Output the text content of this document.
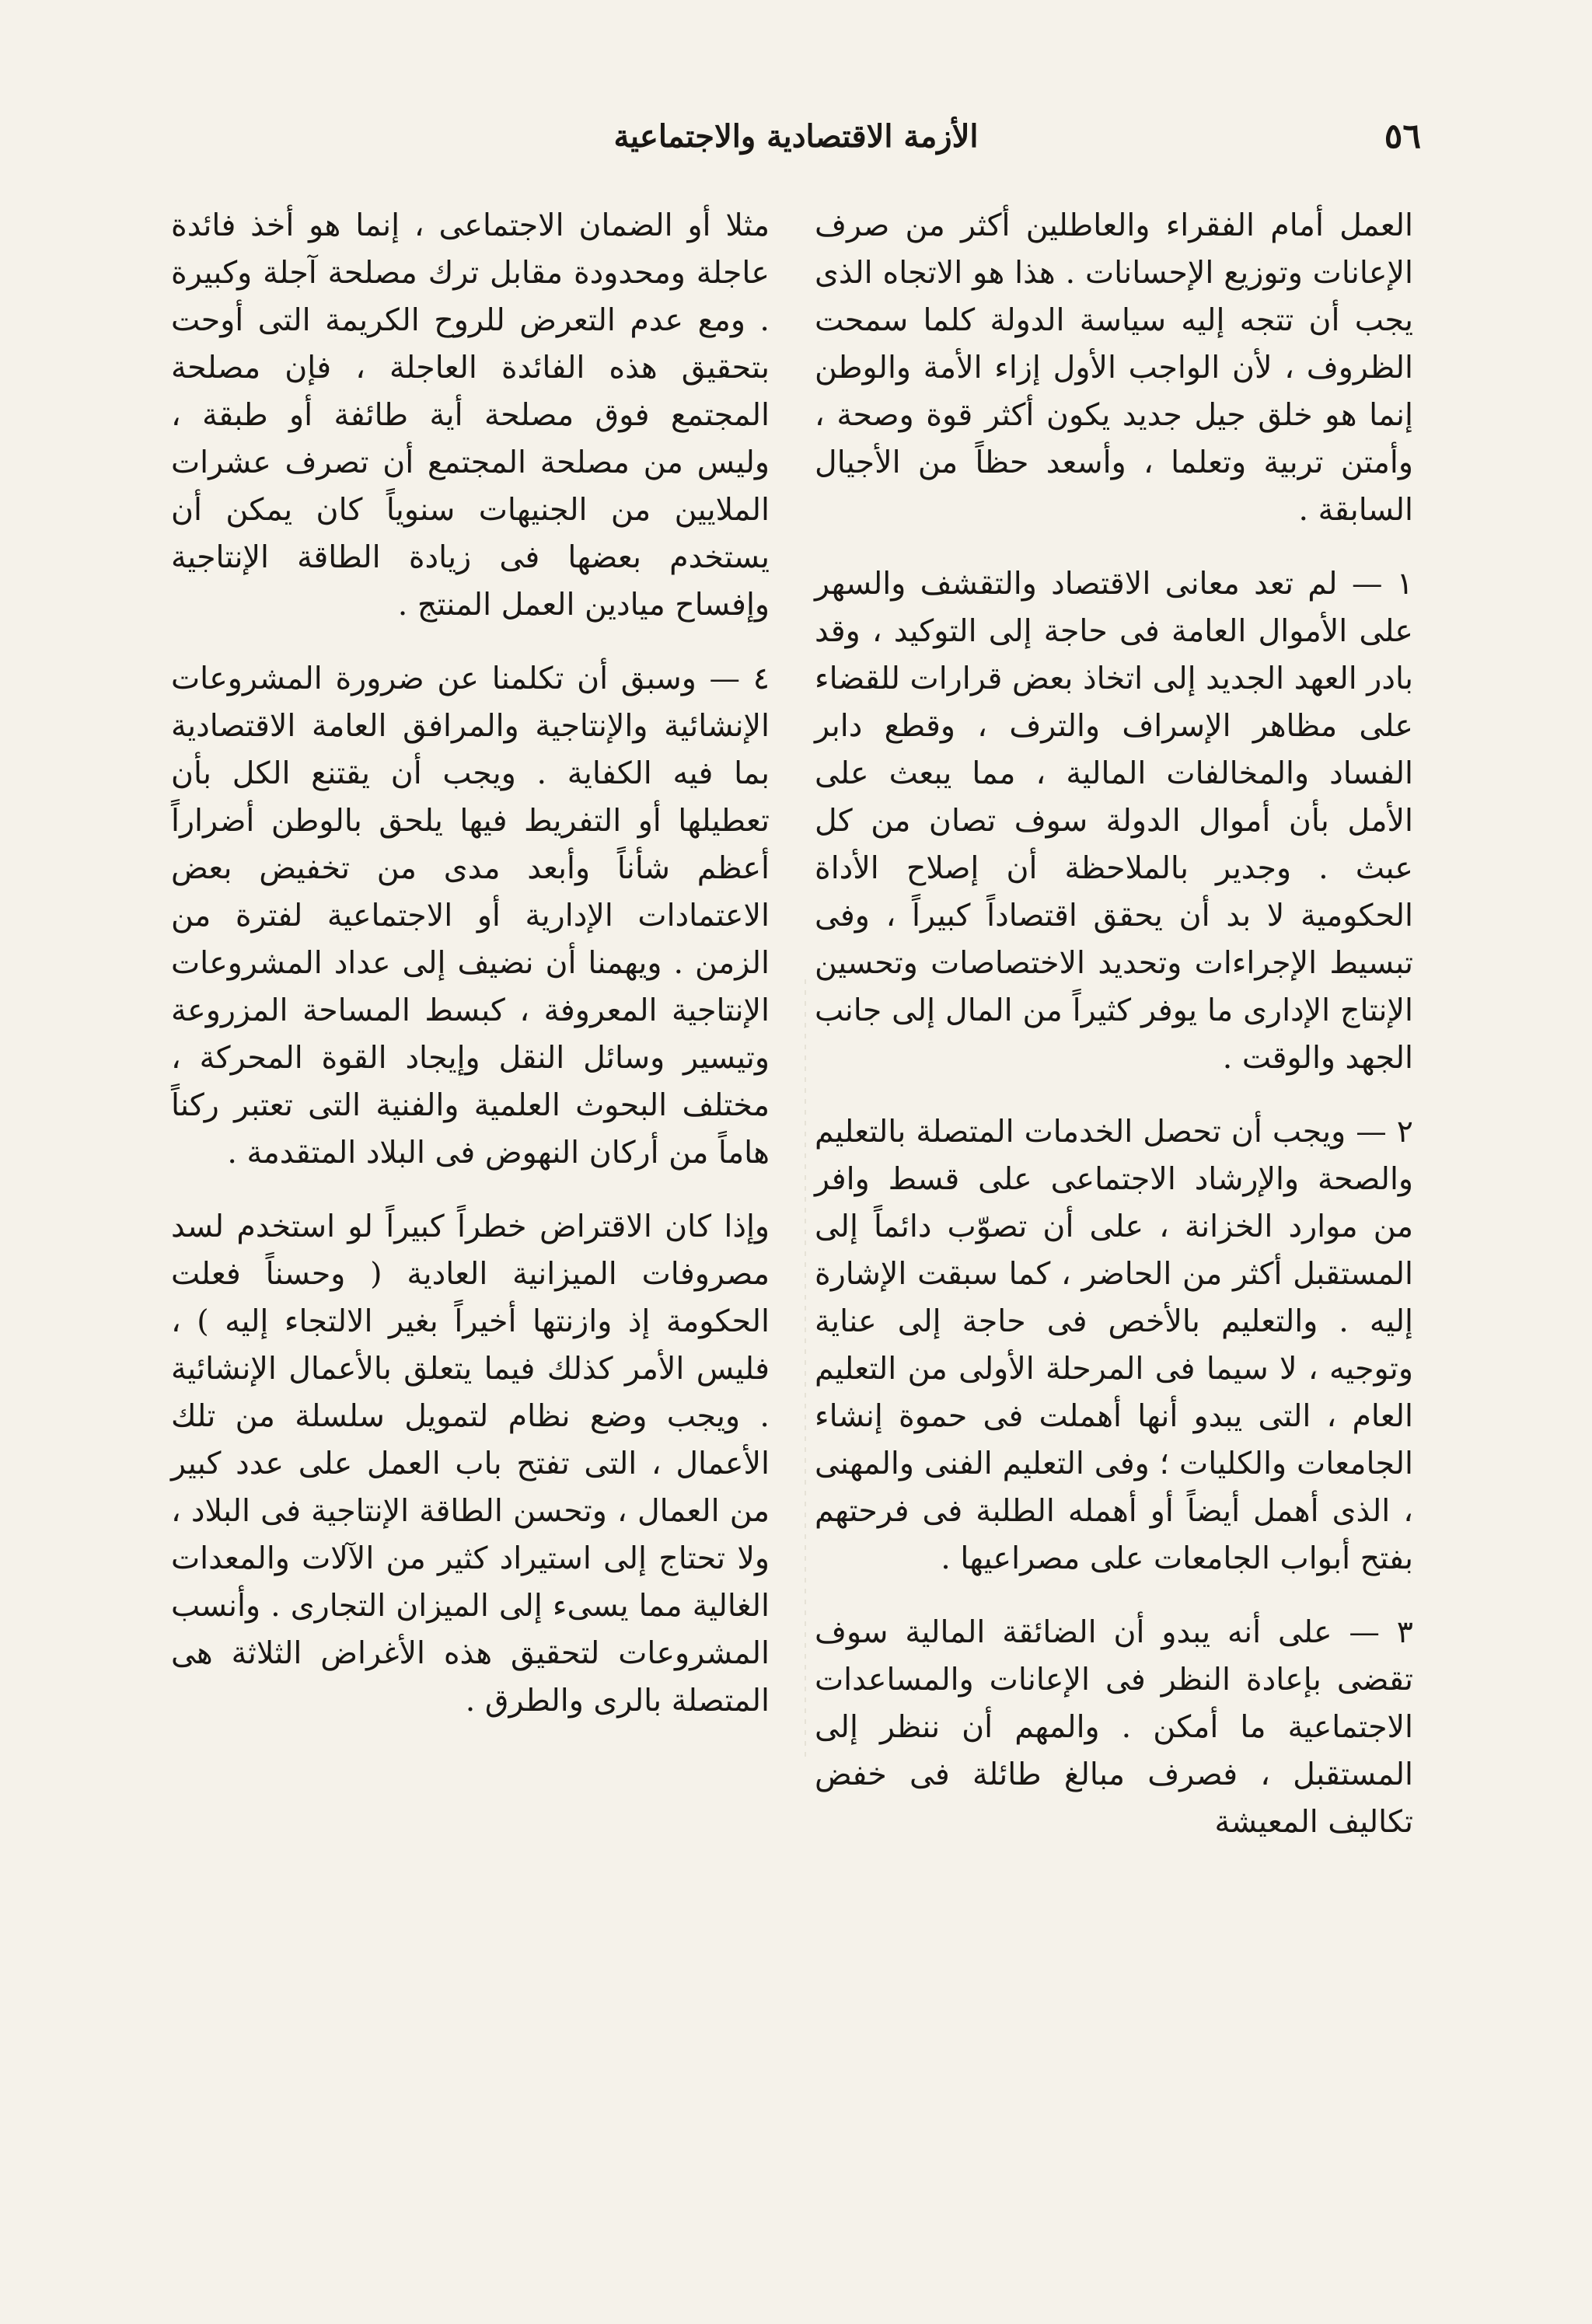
٥٦
الأزمة الاقتصادية والاجتماعية

العمل أمام الفقراء والعاطلين أكثر من صرف الإعانات وتوزيع الإحسانات . هذا هو الاتجاه الذى يجب أن تتجه إليه سياسة الدولة كلما سمحت الظروف ، لأن الواجب الأول إزاء الأمة والوطن إنما هو خلق جيل جديد يكون أكثر قوة وصحة ، وأمتن تربية وتعلما ، وأسعد حظاً من الأجيال السابقة .

١ — لم تعد معانى الاقتصاد والتقشف والسهر على الأموال العامة فى حاجة إلى التوكيد ، وقد بادر العهد الجديد إلى اتخاذ بعض قرارات للقضاء على مظاهر الإسراف والترف ، وقطع دابر الفساد والمخالفات المالية ، مما يبعث على الأمل بأن أموال الدولة سوف تصان من كل عبث . وجدير بالملاحظة أن إصلاح الأداة الحكومية لا بد أن يحقق اقتصاداً كبيراً ، وفى تبسيط الإجراءات وتحديد الاختصاصات وتحسين الإنتاج الإدارى ما يوفر كثيراً من المال إلى جانب الجهد والوقت .

٢ — ويجب أن تحصل الخدمات المتصلة بالتعليم والصحة والإرشاد الاجتماعى على قسط وافر من موارد الخزانة ، على أن تصوّب دائماً إلى المستقبل أكثر من الحاضر ، كما سبقت الإشارة إليه . والتعليم بالأخص فى حاجة إلى عناية وتوجيه ، لا سيما فى المرحلة الأولى من التعليم العام ، التى يبدو أنها أهملت فى حموة إنشاء الجامعات والكليات ؛ وفى التعليم الفنى والمهنى ، الذى أهمل أيضاً أو أهمله الطلبة فى فرحتهم بفتح أبواب الجامعات على مصراعيها .

٣ — على أنه يبدو أن الضائقة المالية سوف تقضى بإعادة النظر فى الإعانات والمساعدات الاجتماعية ما أمكن . والمهم أن ننظر إلى المستقبل ، فصرف مبالغ طائلة فى خفض تكاليف المعيشة

مثلا أو الضمان الاجتماعى ، إنما هو أخذ فائدة عاجلة ومحدودة مقابل ترك مصلحة آجلة وكبيرة . ومع عدم التعرض للروح الكريمة التى أوحت بتحقيق هذه الفائدة العاجلة ، فإن مصلحة المجتمع فوق مصلحة أية طائفة أو طبقة ، وليس من مصلحة المجتمع أن تصرف عشرات الملايين من الجنيهات سنوياً كان يمكن أن يستخدم بعضها فى زيادة الطاقة الإنتاجية وإفساح ميادين العمل المنتج .

٤ — وسبق أن تكلمنا عن ضرورة المشروعات الإنشائية والإنتاجية والمرافق العامة الاقتصادية بما فيه الكفاية . ويجب أن يقتنع الكل بأن تعطيلها أو التفريط فيها يلحق بالوطن أضراراً أعظم شأناً وأبعد مدى من تخفيض بعض الاعتمادات الإدارية أو الاجتماعية لفترة من الزمن . ويهمنا أن نضيف إلى عداد المشروعات الإنتاجية المعروفة ، كبسط المساحة المزروعة وتيسير وسائل النقل وإيجاد القوة المحركة ، مختلف البحوث العلمية والفنية التى تعتبر ركناً هاماً من أركان النهوض فى البلاد المتقدمة .

وإذا كان الاقتراض خطراً كبيراً لو استخدم لسد مصروفات الميزانية العادية ( وحسناً فعلت الحكومة إذ وازنتها أخيراً بغير الالتجاء إليه ) ، فليس الأمر كذلك فيما يتعلق بالأعمال الإنشائية . ويجب وضع نظام لتمويل سلسلة من تلك الأعمال ، التى تفتح باب العمل على عدد كبير من العمال ، وتحسن الطاقة الإنتاجية فى البلاد ، ولا تحتاج إلى استيراد كثير من الآلات والمعدات الغالية مما يسىء إلى الميزان التجارى . وأنسب المشروعات لتحقيق هذه الأغراض الثلاثة هى المتصلة بالرى والطرق .
